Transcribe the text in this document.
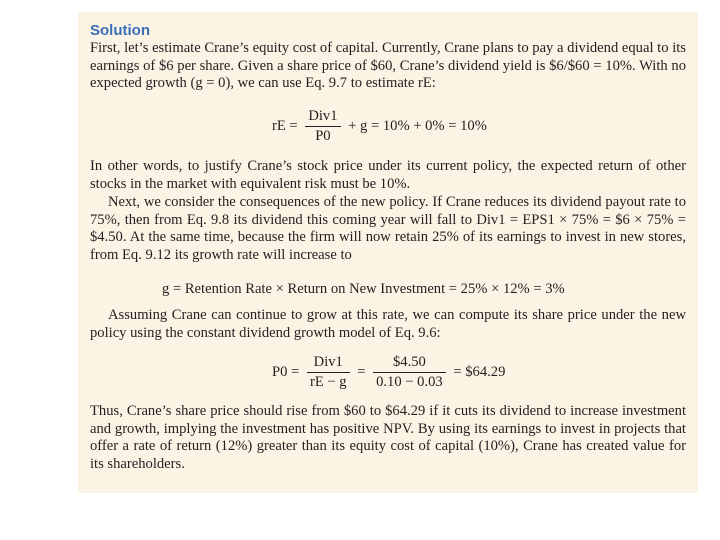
Solution

First, let’s estimate Crane’s equity cost of capital. Currently, Crane plans to pay a dividend equal to its earnings of $6 per share. Given a share price of $60, Crane’s dividend yield is $6/$60 = 10%. With no expected growth (g = 0), we can use Eq. 9.7 to estimate rE:

rE = $\frac{\text{Div1}}{P0} + g = 10\% + 0\% = 10\%$

In other words, to justify Crane’s stock price under its current policy, the expected return of other stocks in the market with equivalent risk must be 10%.

Next, we consider the consequences of the new policy. If Crane reduces its dividend payout rate to 75%, then from Eq. 9.8 its dividend this coming year will fall to Div1 = EPS1 × 75% = $6 × 75% = $4.50. At the same time, because the firm will now retain 25% of its earnings to invest in new stores, from Eq. 9.12 its growth rate will increase to

g = Retention Rate × Return on New Investment = 25% × 12% = 3%

Assuming Crane can continue to grow at this rate, we can compute its share price under the new policy using the constant dividend growth model of Eq. 9.6:

$P0 = \frac{\text{Div1}}{rE - g} = \frac{\$4.50}{0.10 - 0.03}$ = $64.29

Thus, Crane’s share price should rise from $60 to $64.29 if it cuts its dividend to increase investment and growth, implying the investment has positive NPV. By using its earnings to invest in projects that offer a rate of return (12%) greater than its equity cost of capital (10%), Crane has created value for its shareholders.
